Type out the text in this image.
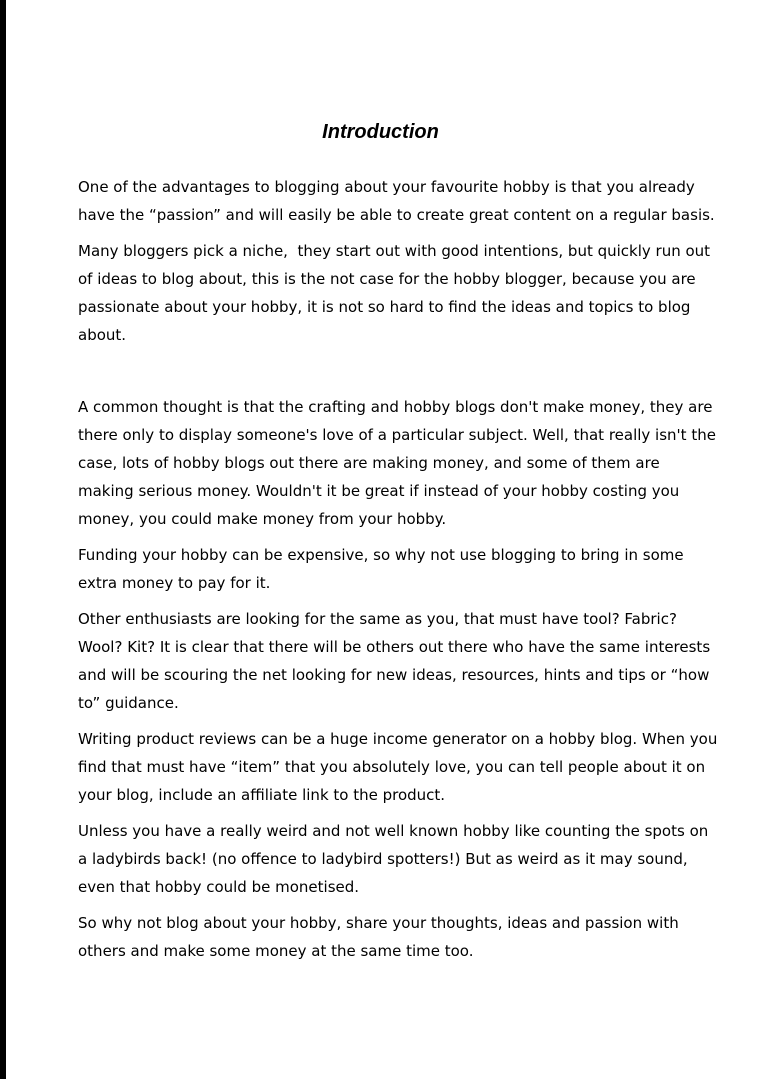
Introduction

One of the advantages to blogging about your favourite hobby is that you already have the “passion” and will easily be able to create great content on a regular basis.

Many bloggers pick a niche,  they start out with good intentions, but quickly run out of ideas to blog about, this is the not case for the hobby blogger, because you are passionate about your hobby, it is not so hard to find the ideas and topics to blog about.

A common thought is that the crafting and hobby blogs don't make money, they are there only to display someone's love of a particular subject. Well, that really isn't the case, lots of hobby blogs out there are making money, and some of them are making serious money. Wouldn't it be great if instead of your hobby costing you money, you could make money from your hobby.

Funding your hobby can be expensive, so why not use blogging to bring in some extra money to pay for it.

Other enthusiasts are looking for the same as you, that must have tool? Fabric? Wool? Kit? It is clear that there will be others out there who have the same interests and will be scouring the net looking for new ideas, resources, hints and tips or “how to” guidance.

Writing product reviews can be a huge income generator on a hobby blog. When you find that must have “item” that you absolutely love, you can tell people about it on your blog, include an affiliate link to the product.

Unless you have a really weird and not well known hobby like counting the spots on a ladybirds back! (no offence to ladybird spotters!) But as weird as it may sound, even that hobby could be monetised.

So why not blog about your hobby, share your thoughts, ideas and passion with others and make some money at the same time too.
